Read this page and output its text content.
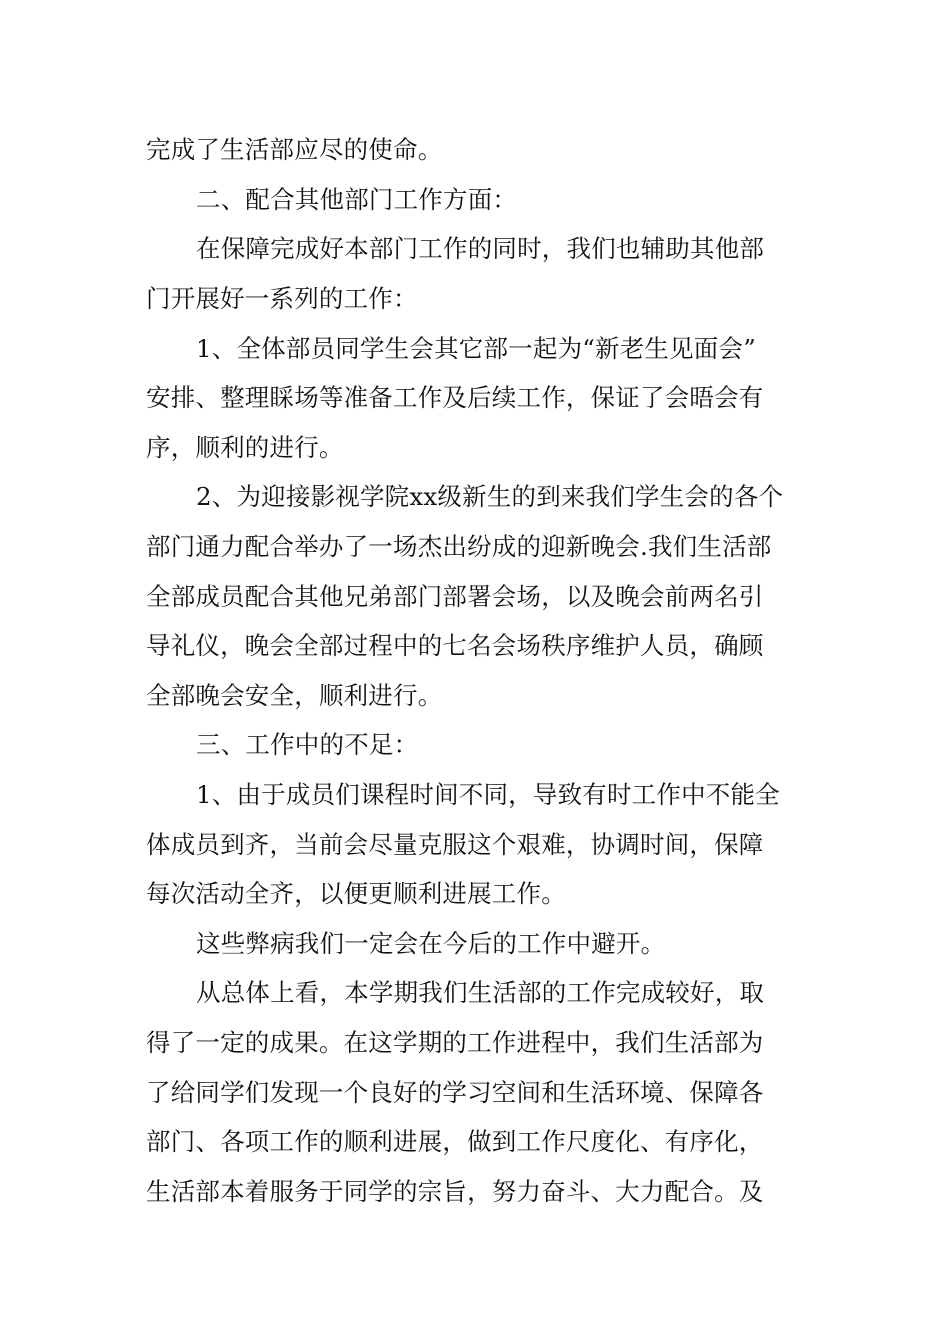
完成了生活部应尽的使命。
二、配合其他部门工作方面：
在保障完成好本部门工作的同时，我们也辅助其他部
门开展好一系列的工作：
1、全体部员同学生会其它部一起为“新老生见面会”
安排、整理睬场等准备工作及后续工作，保证了会晤会有
序，顺利的进行。
2、为迎接影视学院xx级新生的到来我们学生会的各个
部门通力配合举办了一场杰出纷成的迎新晚会.我们生活部
全部成员配合其他兄弟部门部署会场，以及晚会前两名引
导礼仪，晚会全部过程中的七名会场秩序维护人员，确顾
全部晚会安全，顺利进行。
三、工作中的不足：
1、由于成员们课程时间不同，导致有时工作中不能全
体成员到齐，当前会尽量克服这个艰难，协调时间，保障
每次活动全齐，以便更顺利进展工作。
这些弊病我们一定会在今后的工作中避开。
从总体上看，本学期我们生活部的工作完成较好，取
得了一定的成果。在这学期的工作进程中，我们生活部为
了给同学们发现一个良好的学习空间和生活环境、保障各
部门、各项工作的顺利进展，做到工作尺度化、有序化，
生活部本着服务于同学的宗旨，努力奋斗、大力配合。及
